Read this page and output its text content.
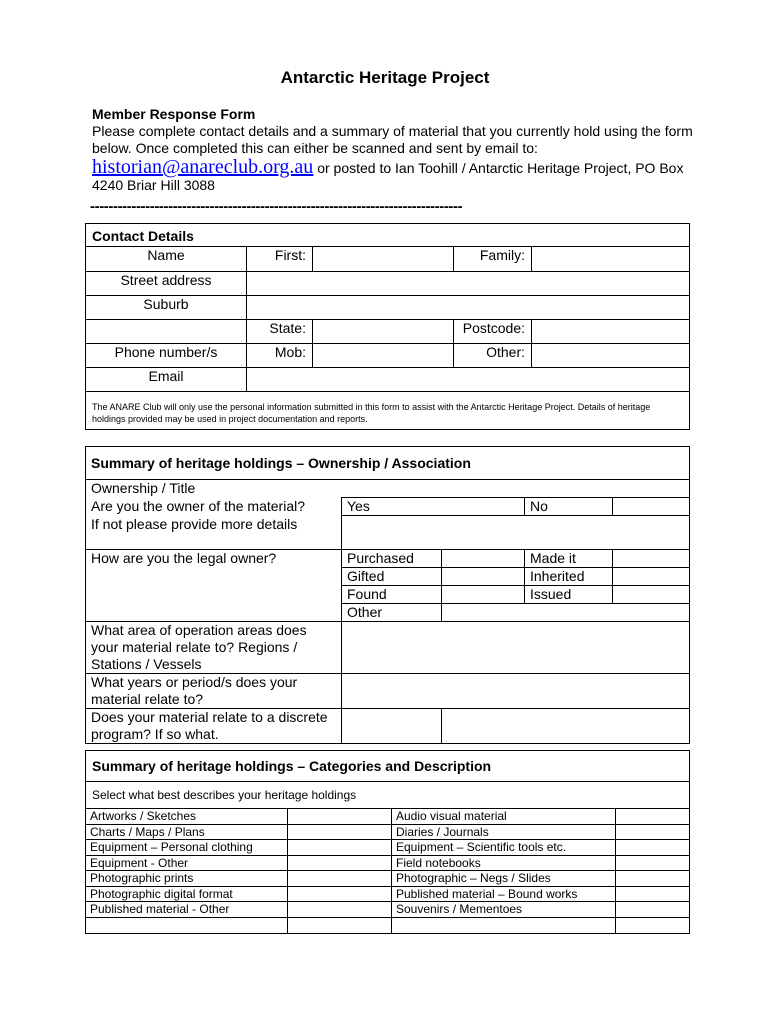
Antarctic Heritage Project
Member Response Form
Please complete contact details and a summary of material that you currently hold using the form below. Once completed this can either be scanned and sent by email to:
historian@anareclub.org.au or posted to Ian Toohill / Antarctic Heritage Project, PO Box 4240 Briar Hill 3088
---------------------------------------------------------------------------------
Contact Details				
Name	First:		Family:	
Street address				
Suburb				
	State:		Postcode:	
Phone number/s	Mob:		Other:	
Email				
The ANARE Club will only use the personal information submitted in this form to assist with the Antarctic Heritage Project. Details of heritage holdings provided may be used in project documentation and reports.				
Summary of heritage holdings – Ownership / Association				
Ownership / Title				
Are you the owner of the material?	Yes		No	
If not please provide more details				
How are you the legal owner?	Purchased		Made it	
	Gifted		Inherited	
	Found		Issued	
	Other			
What area of operation areas does your material relate to? Regions / Stations / Vessels				
What years or period/s does your material relate to?				
Does your material relate to a discrete program? If so what.				
Summary of heritage holdings – Categories and Description			
Select what best describes your heritage holdings			
Artworks / Sketches		Audio visual material	
Charts / Maps / Plans		Diaries / Journals	
Equipment – Personal clothing		Equipment – Scientific tools etc.	
Equipment - Other		Field notebooks	
Photographic prints		Photographic – Negs / Slides	
Photographic digital format		Published material – Bound works	
Published material - Other		Souvenirs / Mementoes	
